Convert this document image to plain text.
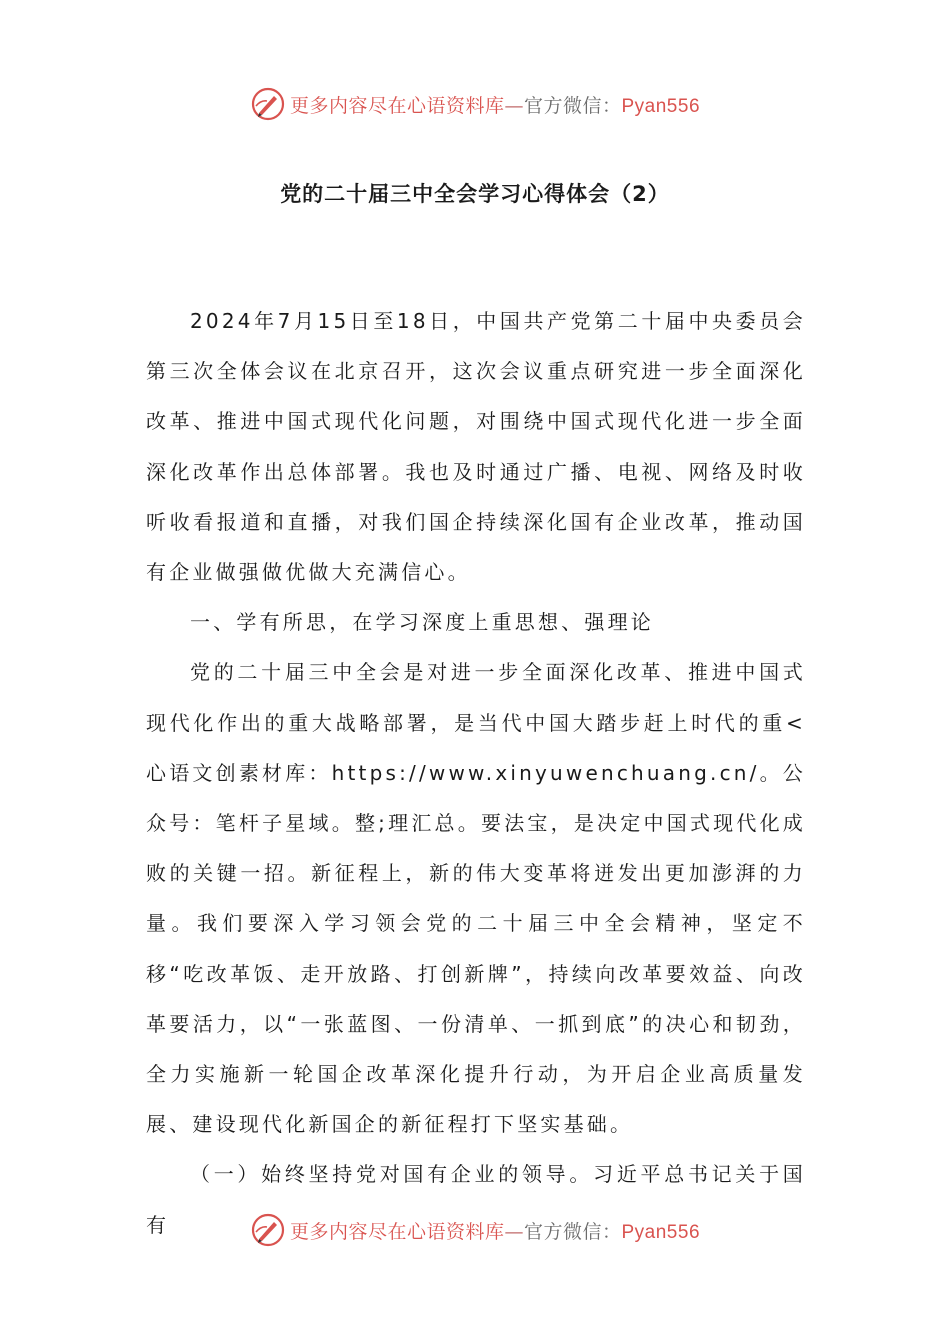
更多内容尽在心语资料库—官方微信：Pyan556
党的二十届三中全会学习心得体会（2）

2024年7月15日至18日，中国共产党第二十届中央委员会第三次全体会议在北京召开，这次会议重点研究进一步全面深化改革、推进中国式现代化问题，对围绕中国式现代化进一步全面深化改革作出总体部署。我也及时通过广播、电视、网络及时收听收看报道和直播，对我们国企持续深化国有企业改革，推动国有企业做强做优做大充满信心。

一、学有所思，在学习深度上重思想、强理论

党的二十届三中全会是对进一步全面深化改革、推进中国式现代化作出的重大战略部署，是当代中国大踏步赶上时代的重<心语文创素材库：https://www.xinyuwenchuang.cn/。公众号：笔杆子星域。整;理汇总。要法宝，是决定中国式现代化成败的关键一招。新征程上，新的伟大变革将迸发出更加澎湃的力量。我们要深入学习领会党的二十届三中全会精神，坚定不移“吃改革饭、走开放路、打创新牌”，持续向改革要效益、向改革要活力，以“一张蓝图、一份清单、一抓到底”的决心和韧劲，全力实施新一轮国企改革深化提升行动，为开启企业高质量发展、建设现代化新国企的新征程打下坚实基础。

（一）始终坚持党对国有企业的领导。习近平总书记关于国有	更多内容尽在心语资料库—官方微信：Pyan556
